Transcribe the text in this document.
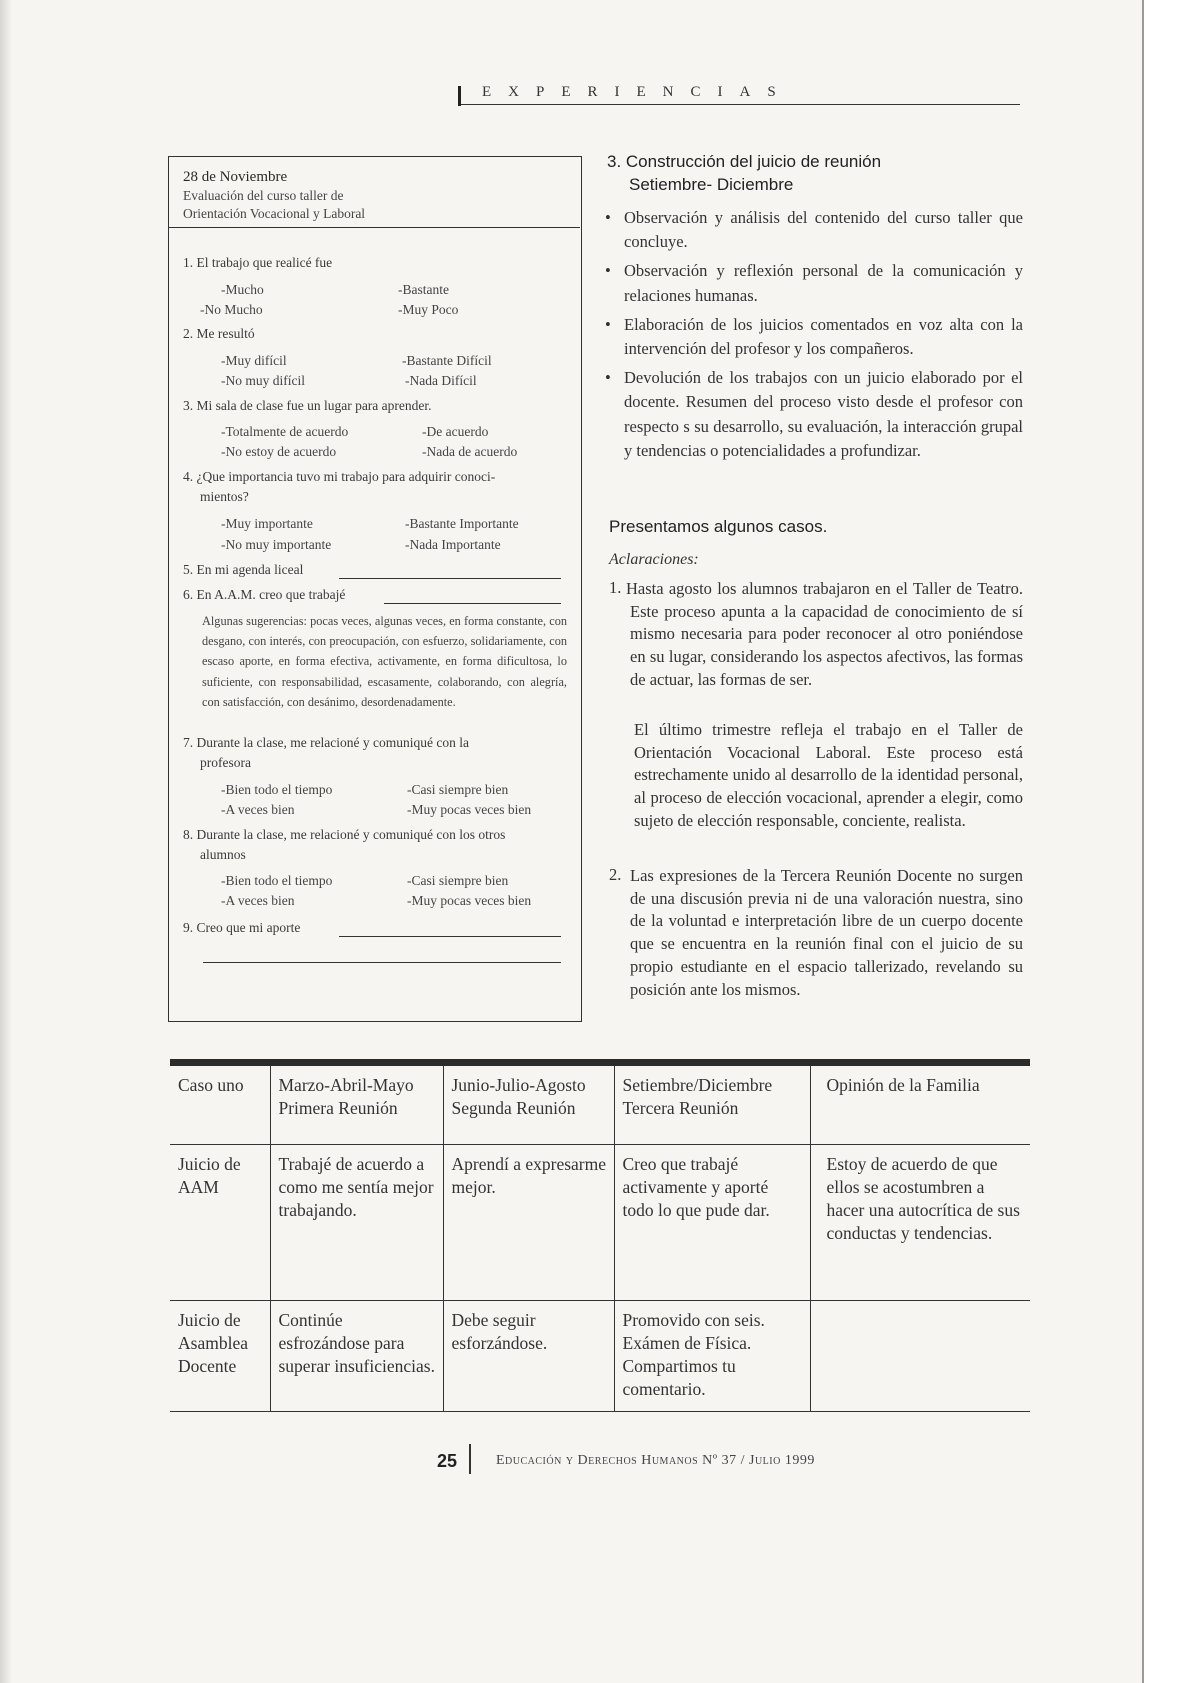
EXPERIENCIAS
28 de Noviembre
Evaluación del curso taller de
Orientación Vocacional y Laboral
1. El trabajo que realicé fue
-Mucho	-Bastante
-No Mucho	-Muy Poco
2. Me resultó
-Muy difícil	-Bastante Difícil
-No muy difícil	-Nada Difícil
3. Mi sala de clase fue un lugar para aprender.
-Totalmente de acuerdo	-De acuerdo
-No estoy de acuerdo	-Nada de acuerdo
4. ¿Que importancia tuvo mi trabajo para adquirir conoci-
mientos?
-Muy importante	-Bastante Importante
-No muy importante	-Nada Importante
5. En mi agenda liceal
6. En A.A.M. creo que trabajé
Algunas sugerencias: pocas veces, algunas veces, en forma constante, con desgano, con interés, con preocupación, con esfuerzo, solidariamente, con escaso aporte, en forma efectiva, activamente, en forma dificultosa, lo suficiente, con responsabilidad, escasamente, colaborando, con alegría, con satisfacción, con desánimo, desordenadamente.
7. Durante la clase, me relacioné y comuniqué con la
profesora
-Bien todo el tiempo	-Casi siempre bien
-A veces bien	-Muy pocas veces bien
8. Durante la clase, me relacioné y comuniqué con los otros
alumnos
-Bien todo el tiempo	-Casi siempre bien
-A veces bien	-Muy pocas veces bien
9. Creo que mi aporte
3. Construcción del juicio de reunión
Setiembre- Diciembre
• Observación y análisis del contenido del curso taller que concluye.
• Observación y reflexión personal de la comunicación y relaciones humanas.
• Elaboración de los juicios comentados en voz alta con la intervención del profesor y los compañeros.
• Devolución de los trabajos con un juicio elaborado por el docente. Resumen del proceso visto desde el profesor con respecto s su desarrollo, su evaluación, la interacción grupal y tendencias o potencialidades a profundizar.
Presentamos algunos casos.
Aclaraciones:
1. Hasta agosto los alumnos trabajaron en el Taller de Teatro. Este proceso apunta a la capacidad de conocimiento de sí mismo necesaria para poder reconocer al otro poniéndose en su lugar, considerando los aspectos afectivos, las formas de actuar, las formas de ser.
El último trimestre refleja el trabajo en el Taller de Orientación Vocacional Laboral. Este proceso está estrechamente unido al desarrollo de la identidad personal, al proceso de elección vocacional, aprender a elegir, como sujeto de elección responsable, conciente, realista.
2. Las expresiones de la Tercera Reunión Docente no surgen de una discusión previa ni de una valoración nuestra, sino de la voluntad e interpretación libre de un cuerpo docente que se encuentra en la reunión final con el juicio de su propio estudiante en el espacio tallerizado, revelando su posición ante los mismos.
Caso uno	Marzo-Abril-Mayo Primera Reunión	Junio-Julio-Agosto Segunda Reunión	Setiembre/Diciembre Tercera Reunión	Opinión de la Familia

Juicio de AAM	Trabajé de acuerdo a como me sentía mejor trabajando.	Aprendí a expresarme mejor.	Creo que trabajé activamente y aporté todo lo que pude dar.	Estoy de acuerdo de que ellos se acostumbren a hacer una autocrítica de sus conductas y tendencias.

Juicio de Asamblea Docente	Continúe esfrozándose para superar insuficiencias.	Debe seguir esforzándose.	Promovido con seis. Exámen de Física. Compartimos tu comentario.	

25	Educación y Derechos Humanos Nº 37 / Julio 1999
